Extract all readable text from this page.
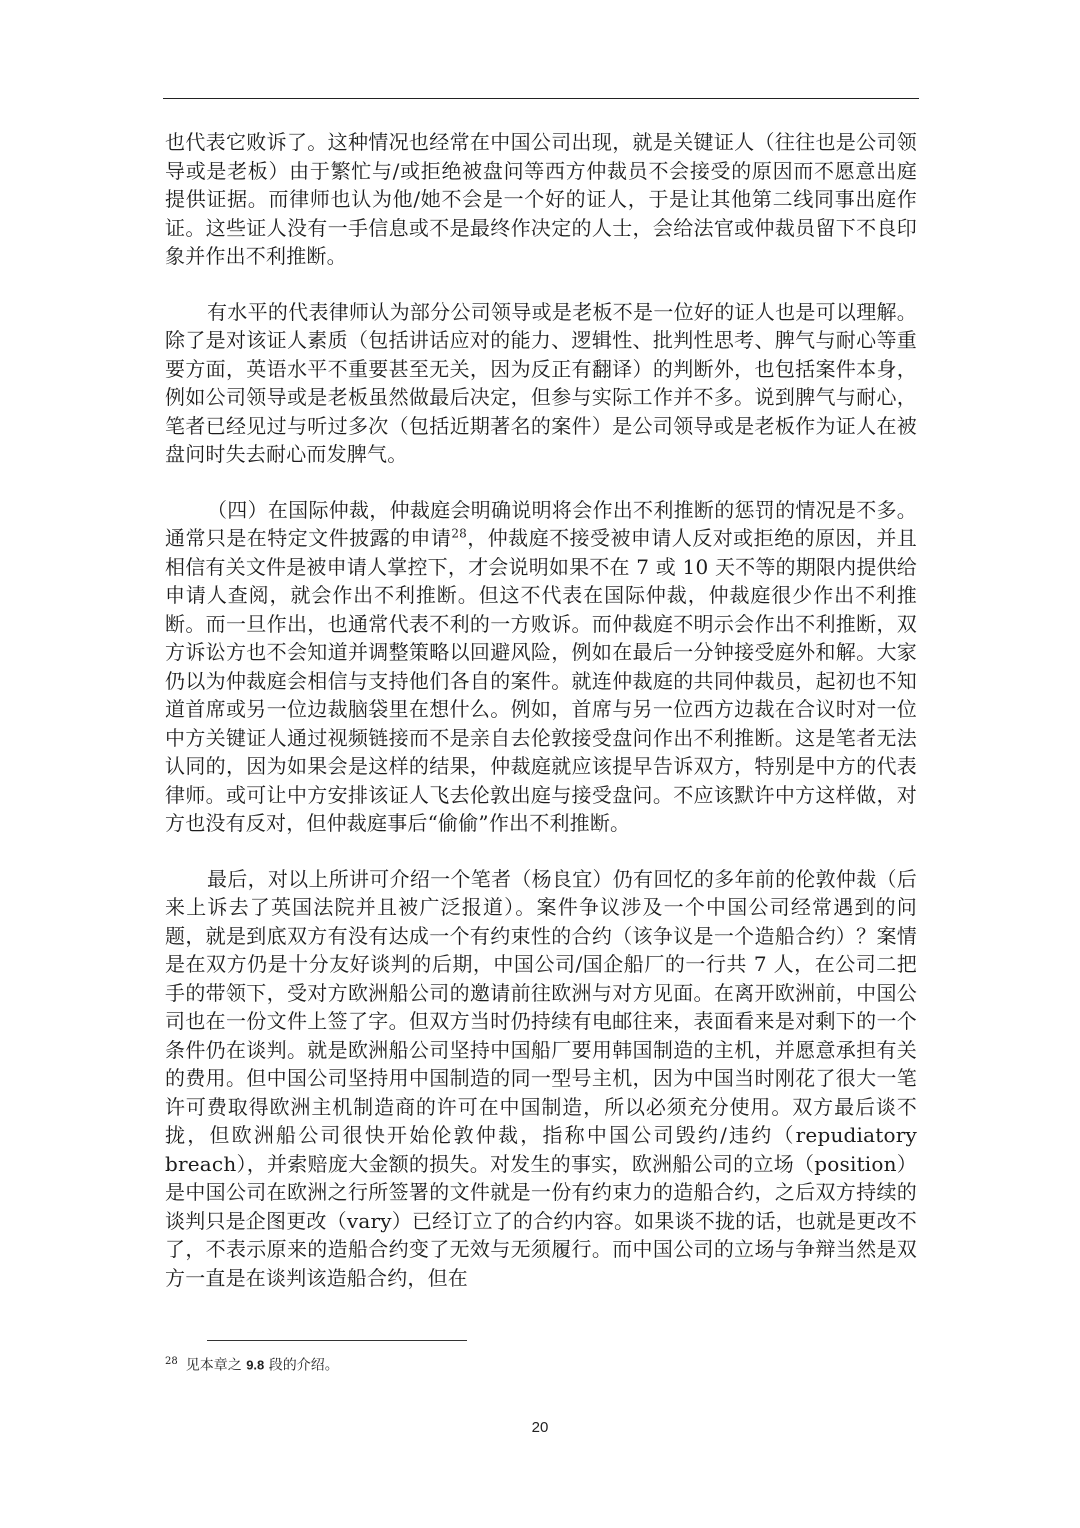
也代表它败诉了。这种情况也经常在中国公司出现，就是关键证人（往往也是公司领导或是老板）由于繁忙与/或拒绝被盘问等西方仲裁员不会接受的原因而不愿意出庭提供证据。而律师也认为他/她不会是一个好的证人，于是让其他第二线同事出庭作证。这些证人没有一手信息或不是最终作决定的人士，会给法官或仲裁员留下不良印象并作出不利推断。

有水平的代表律师认为部分公司领导或是老板不是一位好的证人也是可以理解。除了是对该证人素质（包括讲话应对的能力、逻辑性、批判性思考、脾气与耐心等重要方面，英语水平不重要甚至无关，因为反正有翻译）的判断外，也包括案件本身，例如公司领导或是老板虽然做最后决定，但参与实际工作并不多。说到脾气与耐心，笔者已经见过与听过多次（包括近期著名的案件）是公司领导或是老板作为证人在被盘问时失去耐心而发脾气。

（四）在国际仲裁，仲裁庭会明确说明将会作出不利推断的惩罚的情况是不多。通常只是在特定文件披露的申请$^{28}$，仲裁庭不接受被申请人反对或拒绝的原因，并且相信有关文件是被申请人掌控下，才会说明如果不在 7 或 10 天不等的期限内提供给申请人查阅，就会作出不利推断。但这不代表在国际仲裁，仲裁庭很少作出不利推断。而一旦作出，也通常代表不利的一方败诉。而仲裁庭不明示会作出不利推断，双方诉讼方也不会知道并调整策略以回避风险，例如在最后一分钟接受庭外和解。大家仍以为仲裁庭会相信与支持他们各自的案件。就连仲裁庭的共同仲裁员，起初也不知道首席或另一位边裁脑袋里在想什么。例如，首席与另一位西方边裁在合议时对一位中方关键证人通过视频链接而不是亲自去伦敦接受盘问作出不利推断。这是笔者无法认同的，因为如果会是这样的结果，仲裁庭就应该提早告诉双方，特别是中方的代表律师。或可让中方安排该证人飞去伦敦出庭与接受盘问。不应该默许中方这样做，对方也没有反对，但仲裁庭事后“偷偷”作出不利推断。

最后，对以上所讲可介绍一个笔者（杨良宜）仍有回忆的多年前的伦敦仲裁（后来上诉去了英国法院并且被广泛报道）。案件争议涉及一个中国公司经常遇到的问题，就是到底双方有没有达成一个有约束性的合约（该争议是一个造船合约）？案情是在双方仍是十分友好谈判的后期，中国公司/国企船厂的一行共 7 人，在公司二把手的带领下，受对方欧洲船公司的邀请前往欧洲与对方见面。在离开欧洲前，中国公司也在一份文件上签了字。但双方当时仍持续有电邮往来，表面看来是对剩下的一个条件仍在谈判。就是欧洲船公司坚持中国船厂要用韩国制造的主机，并愿意承担有关的费用。但中国公司坚持用中国制造的同一型号主机，因为中国当时刚花了很大一笔许可费取得欧洲主机制造商的许可在中国制造，所以必须充分使用。双方最后谈不拢，但欧洲船公司很快开始伦敦仲裁，指称中国公司毁约/违约（repudiatory breach），并索赔庞大金额的损失。对发生的事实，欧洲船公司的立场（position）是中国公司在欧洲之行所签署的文件就是一份有约束力的造船合约，之后双方持续的谈判只是企图更改（vary）已经订立了的合约内容。如果谈不拢的话，也就是更改不了，不表示原来的造船合约变了无效与无须履行。而中国公司的立场与争辩当然是双方一直是在谈判该造船合约，但在

$^{28}$ 见本章之 9.8 段的介绍。
20
